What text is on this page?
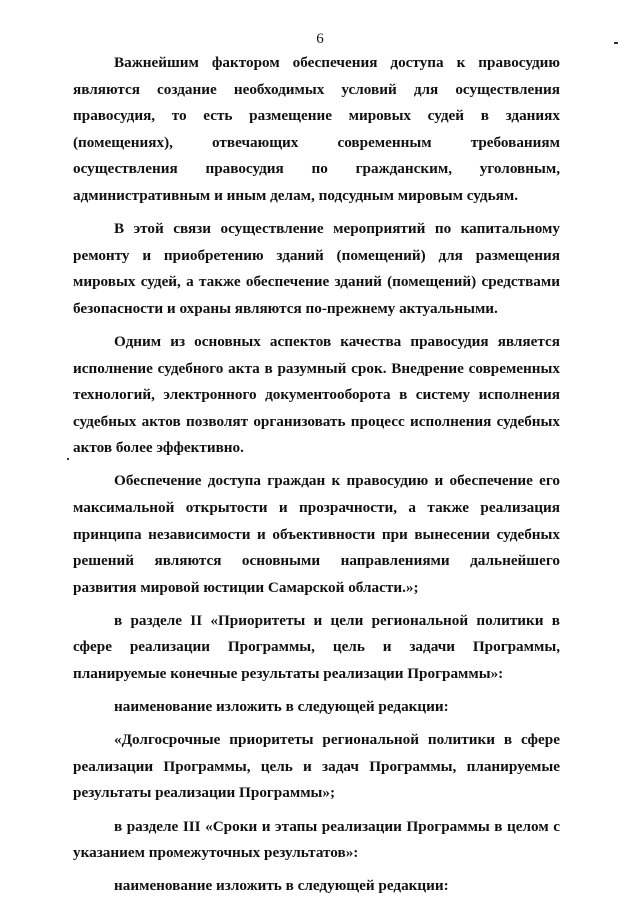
6

Важнейшим фактором обеспечения доступа к правосудию являются создание необходимых условий для осуществления правосудия, то есть размещение мировых судей в зданиях (помещениях), отвечающих современным требованиям осуществления правосудия по гражданским, уголовным, административным и иным делам, подсудным мировым судьям.

В этой связи осуществление мероприятий по капитальному ремонту и приобретению зданий (помещений) для размещения мировых судей, а также обеспечение зданий (помещений) средствами безопасности и охраны являются по-прежнему актуальными.

Одним из основных аспектов качества правосудия является исполнение судебного акта в разумный срок. Внедрение современных технологий, электронного документооборота в систему исполнения судебных актов позволят организовать процесс исполнения судебных актов более эффективно.

Обеспечение доступа граждан к правосудию и обеспечение его максимальной открытости и прозрачности, а также реализация принципа независимости и объективности при вынесении судебных решений являются основными направлениями дальнейшего развития мировой юстиции Самарской области.»;

в разделе II «Приоритеты и цели региональной политики в сфере реализации Программы, цель и задачи Программы, планируемые конечные результаты реализации Программы»:

наименование изложить в следующей редакции:

«Долгосрочные приоритеты региональной политики в сфере реализации Программы, цель и задач Программы, планируемые результаты реализации Программы»;

в разделе III «Сроки и этапы реализации Программы в целом с указанием промежуточных результатов»:

наименование изложить в следующей редакции:
